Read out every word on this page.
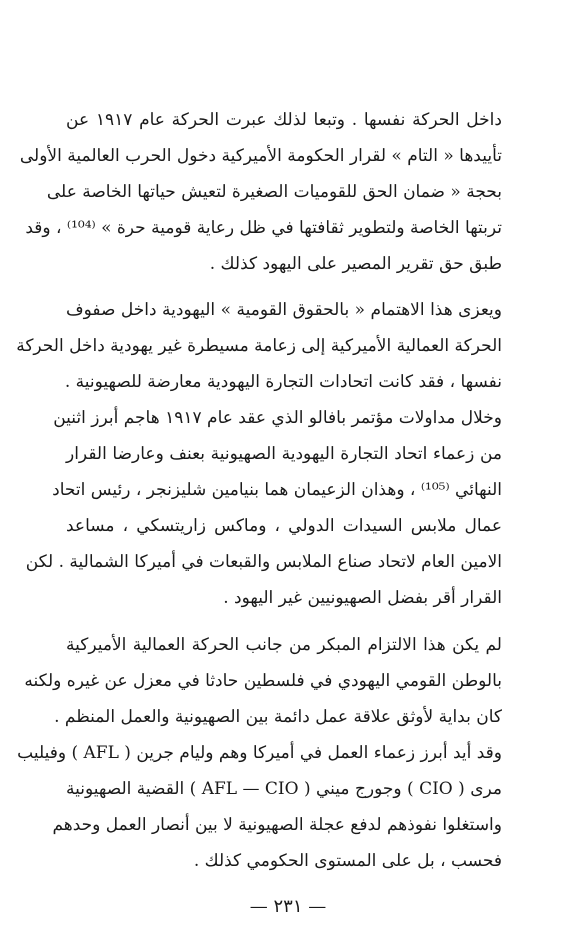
داخل الحركة نفسها . وتبعا لذلك عبرت الحركة عام ١٩١٧ عن
تأييدها « التام » لقرار الحكومة الأميركية دخول الحرب العالمية الأولى
بحجة « ضمان الحق للقوميات الصغيرة لتعيش حياتها الخاصة على
تربتها الخاصة ولتطوير ثقافتها في ظل رعاية قومية حرة » ⁽¹⁰⁴⁾ ، وقد
طبق حق تقرير المصير على اليهود كذلك .
ويعزى هذا الاهتمام « بالحقوق القومية » اليهودية داخل صفوف
الحركة العمالية الأميركية إلى زعامة مسيطرة غير يهودية داخل الحركة
نفسها ، فقد كانت اتحادات التجارة اليهودية معارضة للصهيونية .
وخلال مداولات مؤتمر بافالو الذي عقد عام ١٩١٧ هاجم أبرز اثنين
من زعماء اتحاد التجارة اليهودية الصهيونية بعنف وعارضا القرار
النهائي ⁽¹⁰⁵⁾ ، وهذان الزعيمان هما بنيامين شليزنجر ، رئيس اتحاد
عمال ملابس السيدات الدولي ، وماكس زاريتسكي ، مساعد
الامين العام لاتحاد صناع الملابس والقبعات في أميركا الشمالية . لكن
القرار أقر بفضل الصهيونيين غير اليهود .
لم يكن هذا الالتزام المبكر من جانب الحركة العمالية الأميركية
بالوطن القومي اليهودي في فلسطين حادثا في معزل عن غيره ولكنه
كان بداية لأوثق علاقة عمل دائمة بين الصهيونية والعمل المنظم .
وقد أيد أبرز زعماء العمل في أميركا وهم وليام جرين ( AFL ) وفيليب
مرى ( CIO ) وجورج ميني ( AFL — CIO ) القضية الصهيونية
واستغلوا نفوذهم لدفع عجلة الصهيونية لا بين أنصار العمل وحدهم
فحسب ، بل على المستوى الحكومي كذلك .
— ٢٣١ —
